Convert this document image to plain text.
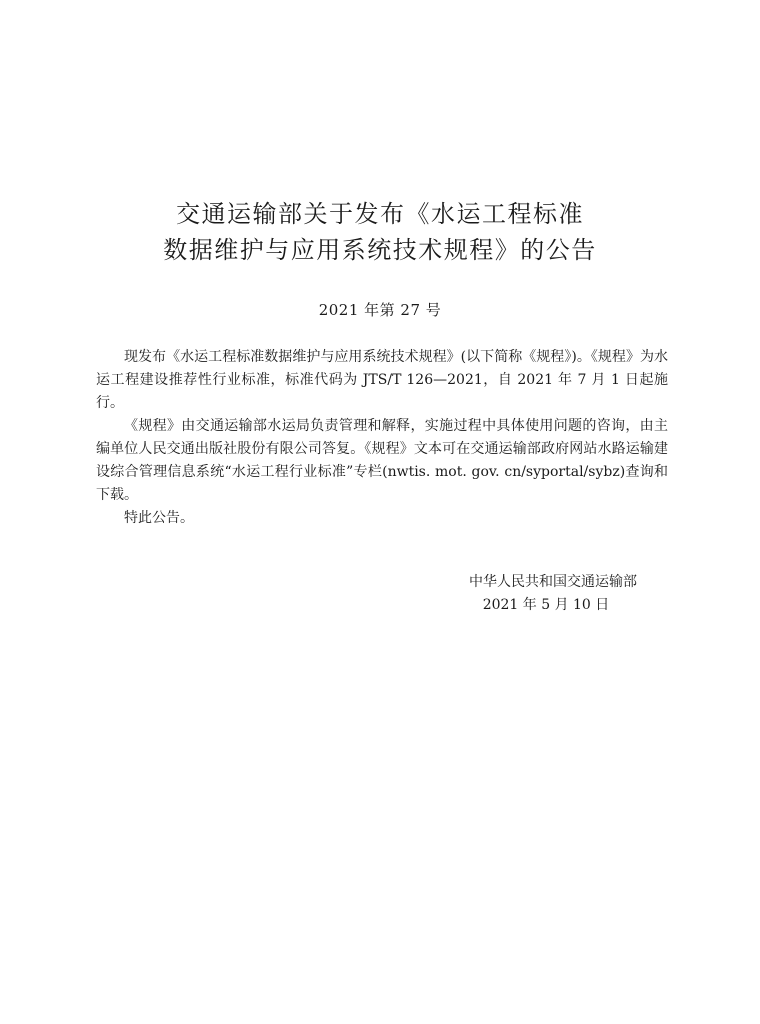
交通运输部关于发布《水运工程标准
数据维护与应用系统技术规程》的公告
2021 年第 27 号

现发布《水运工程标准数据维护与应用系统技术规程》(以下简称《规程》)。《规程》为水运工程建设推荐性行业标准，标准代码为 JTS/T 126—2021，自 2021 年 7 月 1 日起施行。

《规程》由交通运输部水运局负责管理和解释，实施过程中具体使用问题的咨询，由主编单位人民交通出版社股份有限公司答复。《规程》文本可在交通运输部政府网站水路运输建设综合管理信息系统“水运工程行业标准”专栏(nwtis. mot. gov. cn/syportal/sybz)查询和下载。

特此公告。

中华人民共和国交通运输部
2021 年 5 月 10 日
